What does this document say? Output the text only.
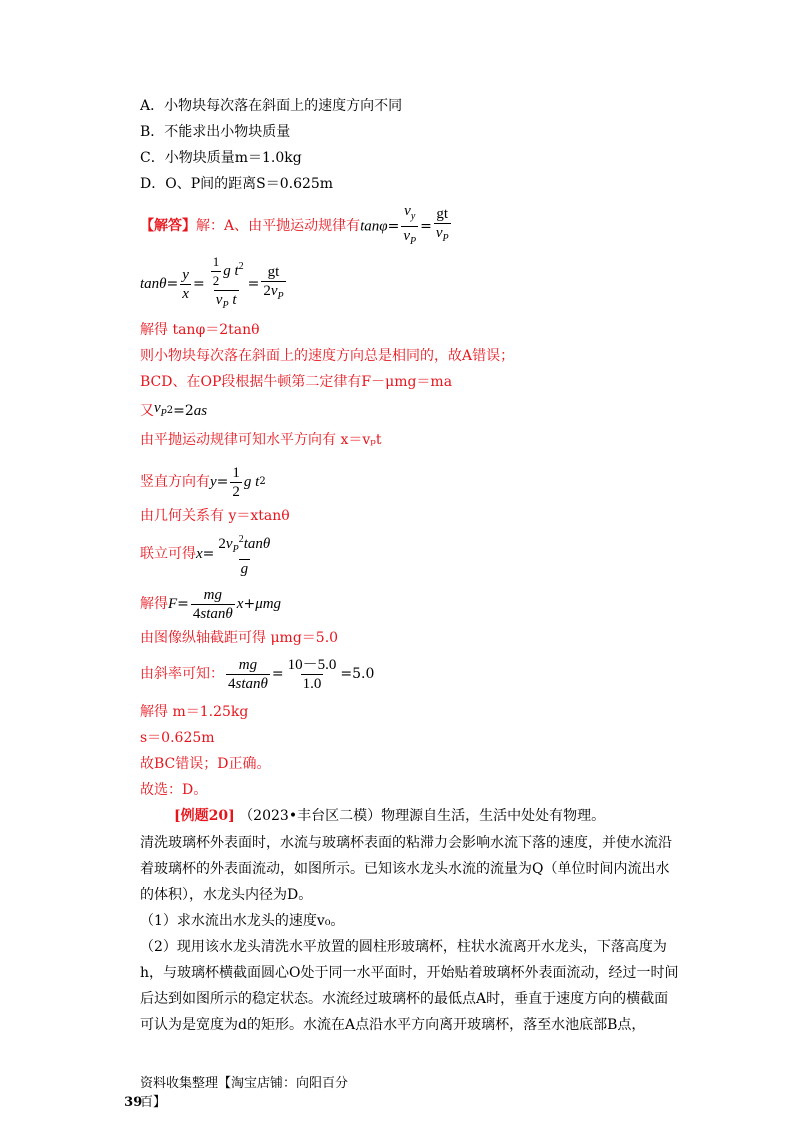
A．小物块每次落在斜面上的速度方向不同
B．不能求出小物块质量
C．小物块质量m＝1.0kg
D．O、P间的距离S＝0.625m
【解答】 解：A、由平抛运动规律有 $\tan\varphi= \frac{v_y}{v_P} = \frac{gt}{v_P}$
$\tan\theta = \frac{y}{x} = \frac{\frac{1}{2} g t^2}{v_P t} = \frac{gt}{2v_P}$
解得 tanφ＝2tanθ
则小物块每次落在斜面上的速度方向总是相同的，故A错误；
BCD、在OP段根据牛顿第二定律有F－μmg＝ma
又 $v_P$ 2 =2 as
由平抛运动规律可知水平方向有 x＝vₚt
竖直方向有 $y = \frac{1}{2}$ g t 2
由几何关系有 y＝xtanθ
联立可得 $x = \frac{2v_P^2\tan\theta}{g}$
解得 $F = \frac{mg}{4stan\theta}$ x + μmg
由图像纵轴截距可得 μmg＝5.0
由斜率可知： $\frac{mg}{4stan\theta} = \frac{10-5.0}{1.0} =5.0$
解得 m＝1.25kg
s＝0.625m
故BC错误；D正确。
故选：D。
[例题20] （2023•丰台区二模）物理源自生活，生活中处处有物理。
清洗玻璃杯外表面时，水流与玻璃杯表面的粘滞力会影响水流下落的速度，并使水流沿着玻璃杯的外表面流动，如图所示。已知该水龙头水流的流量为Q（单位时间内流出水的体积），水龙头内径为D。
（1）求水流出水龙头的速度v₀。
（2）现用该水龙头清洗水平放置的圆柱形玻璃杯，柱状水流离开水龙头，下落高度为h，与玻璃杯横截面圆心O处于同一水平面时，开始贴着玻璃杯外表面流动，经过一时间后达到如图所示的稳定状态。水流经过玻璃杯的最低点A时，垂直于速度方向的横截面可认为是宽度为d的矩形。水流在A点沿水平方向离开玻璃杯，落至水池底部B点，
资料收集整理【淘宝店铺：向阳百分百】 39
